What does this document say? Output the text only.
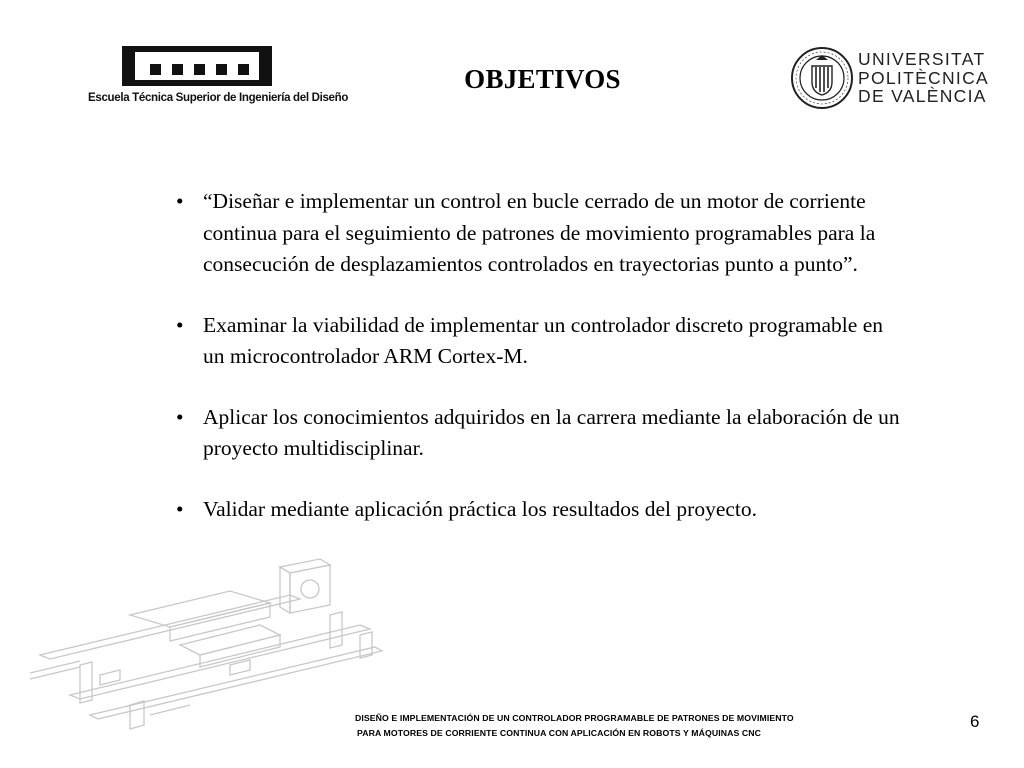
Escuela Técnica Superior de Ingeniería del Diseño
OBJETIVOS
UNIVERSITAT
POLITÈCNICA
DE VALÈNCIA
• “Diseñar e implementar un control en bucle cerrado de un motor de corriente continua para el seguimiento de patrones de movimiento programables para la consecución de desplazamientos controlados en trayectorias punto a punto”.
• Examinar la viabilidad de implementar un controlador discreto programable en un microcontrolador ARM Cortex-M.
• Aplicar los conocimientos adquiridos en la carrera mediante la elaboración de un proyecto multidisciplinar.
• Validar mediante aplicación práctica los resultados del proyecto.
DISEÑO E IMPLEMENTACIÓN DE UN CONTROLADOR PROGRAMABLE DE PATRONES DE MOVIMIENTO
PARA MOTORES DE CORRIENTE CONTINUA CON APLICACIÓN EN ROBOTS Y MÁQUINAS CNC
6
